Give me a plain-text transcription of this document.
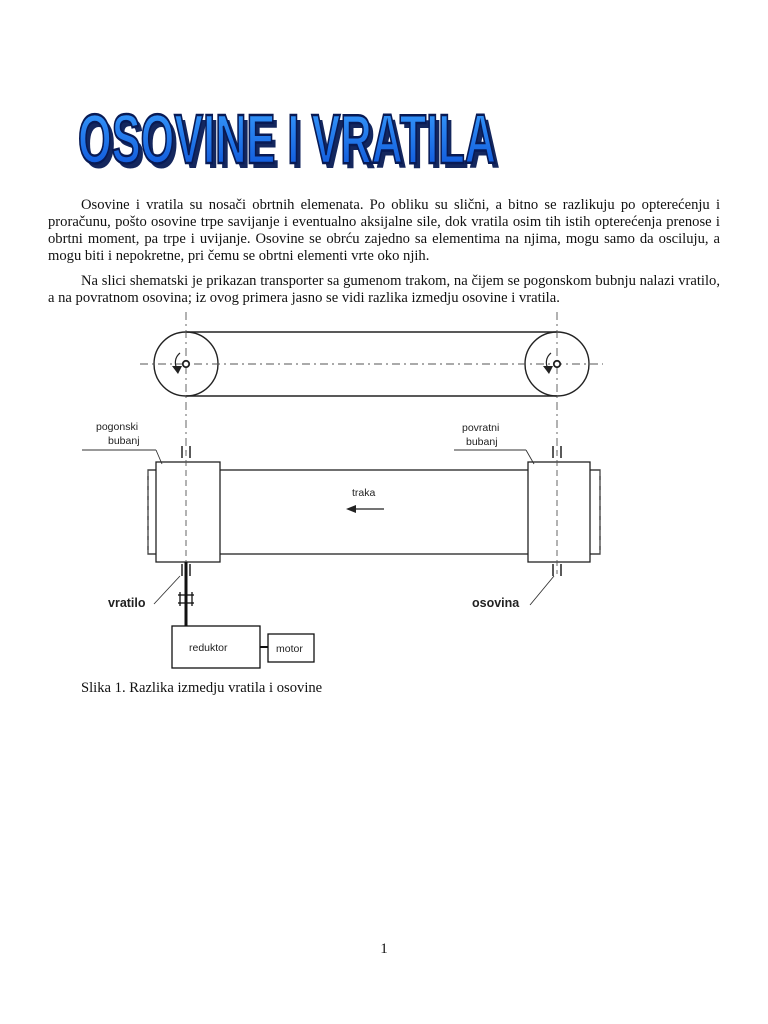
OSOVINE I VRATILA
OSOVINE I VRATILA

Osovine i vratila su nosači obrtnih elemenata. Po obliku su slični, a bitno se razlikuju po opterećenju i proračunu, pošto osovine trpe savijanje i eventualno aksijalne sile, dok vratila osim tih istih opterećenja prenose i obrtni moment, pa trpe i uvijanje. Osovine se obrću zajedno sa elementima na njima, mogu samo da osciluju, a mogu biti i nepokretne, pri čemu se obrtni elementi vrte oko njih.

Na slici shematski je prikazan transporter sa gumenom trakom, na čijem se pogonskom bubnju nalazi vratilo, a na povratnom osovina; iz ovog primera jasno se vidi razlika izmedju osovine i vratila.

pogonski
bubanj
povratni
bubanj
traka
vratilo	osovina
reduktor	motor

Slika 1. Razlika izmedju vratila i osovine

1
